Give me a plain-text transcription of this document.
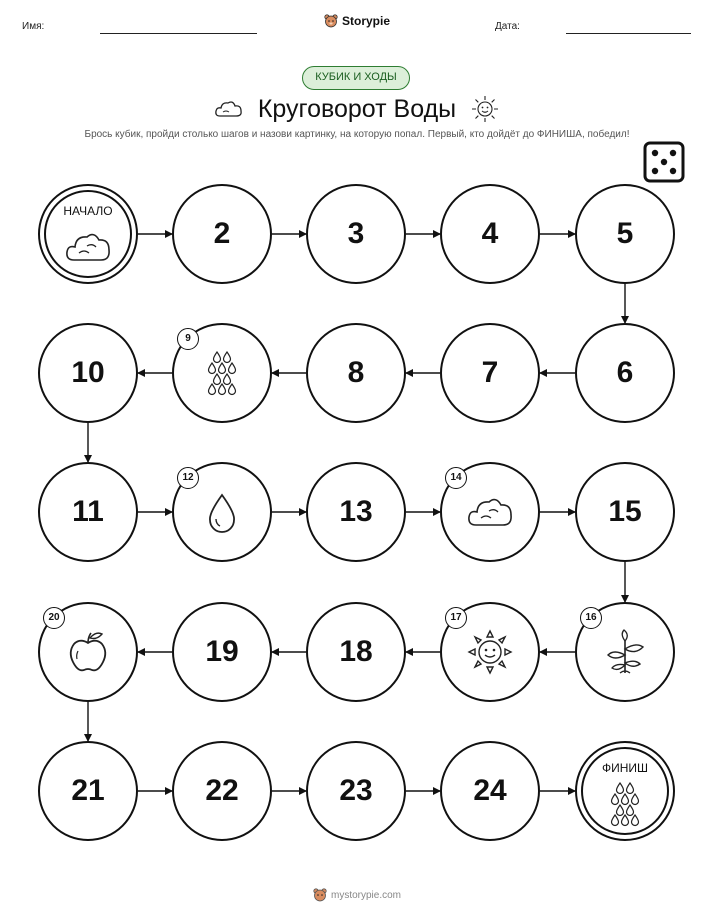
Имя:	Storypie	Дата:
КУБИК И ХОДЫ
Круговорот Воды
Брось кубик, пройди столько шагов и назови картинку, на которую попал. Первый, кто дойдёт до ФИНИША, победил!
НАЧАЛО
2	3	4	5
6
7
8
9
10
11
12
13
14
15
16
17
18
19
20
21	22	23	24
ФИНИШ
mystorypie.com
